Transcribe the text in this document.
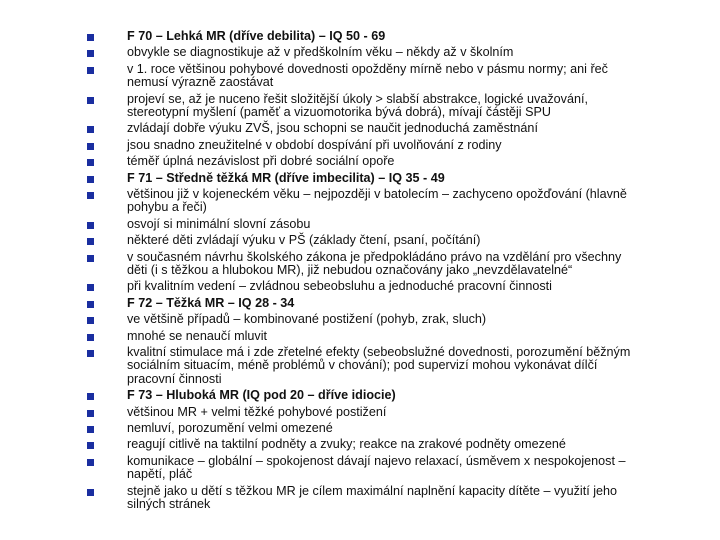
F 70 – Lehká MR (dříve debilita) – IQ 50 - 69
obvykle se diagnostikuje až v předškolním věku – někdy až v školním
v 1. roce většinou pohybové dovednosti opožděny mírně nebo v pásmu normy; ani řeč
nemusí výrazně zaostávat
projeví se, až je nuceno řešit složitější úkoly > slabší abstrakce, logické uvažování,
stereotypní myšlení (paměť a vizuomotorika bývá dobrá), mívají částěji SPU
zvládají dobře výuku ZVŠ, jsou schopni se naučit jednoduchá zaměstnání
jsou snadno zneužitelné v období dospívání při uvolňování z rodiny
téměř úplná nezávislost při dobré sociální opoře
F 71 – Středně těžká MR (dříve imbecilita) – IQ 35 - 49
většinou již v kojeneckém věku – nejpozději v batolecím – zachyceno opožďování (hlavně
pohybu a řeči)
osvojí si minimální slovní zásobu
některé děti zvládají výuku v PŠ (základy čtení, psaní, počítání)
v současném návrhu školského zákona je předpokládáno právo na vzdělání pro všechny
děti (i s těžkou a hlubokou MR), již nebudou označovány jako „nevzdělavatelné“
při kvalitním vedení – zvládnou sebeobsluhu a jednoduché pracovní činnosti
F 72 – Těžká MR – IQ 28 - 34
ve většině případů – kombinované postižení (pohyb, zrak, sluch)
mnohé se nenaučí mluvit
kvalitní stimulace má i zde zřetelné efekty (sebeobslužné dovednosti, porozumění běžným
sociálním situacím, méně problémů v chování); pod supervizí mohou vykonávat dílčí
pracovní činnosti
F 73 – Hluboká MR (IQ pod 20 – dříve idiocie)
většinou MR + velmi těžké pohybové postižení
nemluví, porozumění velmi omezené
reagují citlivě na taktilní podněty a zvuky; reakce na zrakové podněty omezené
komunikace – globální – spokojenost dávají najevo relaxací, úsměvem x nespokojenost –
napětí, pláč
stejně jako u dětí s těžkou MR je cílem maximální naplnění kapacity dítěte – využití jeho
silných stránek
